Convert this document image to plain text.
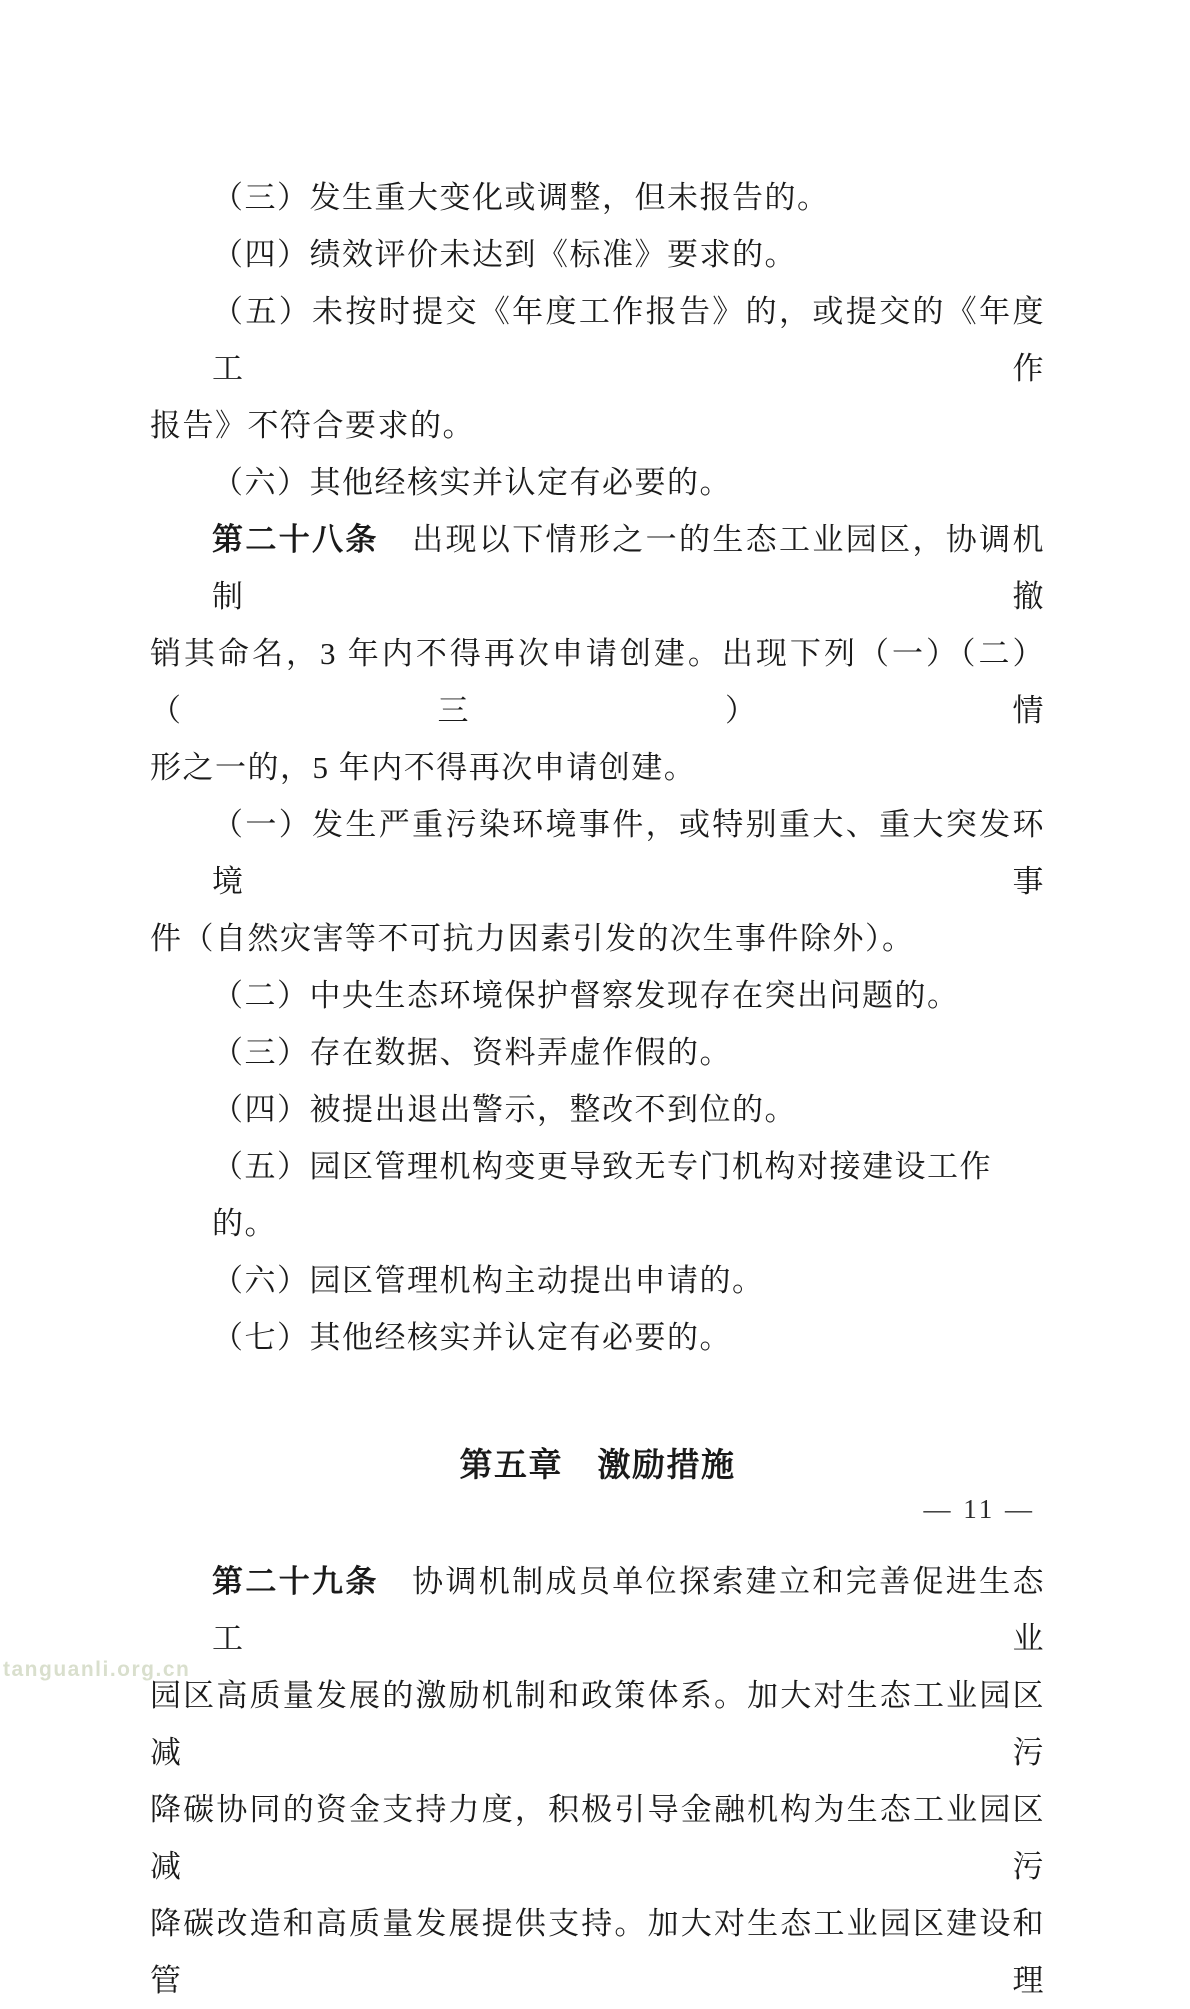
（三）发生重大变化或调整，但未报告的。
（四）绩效评价未达到《标准》要求的。
（五）未按时提交《年度工作报告》的，或提交的《年度工作
报告》不符合要求的。
（六）其他经核实并认定有必要的。
第二十八条　出现以下情形之一的生态工业园区，协调机制撤
销其命名，3 年内不得再次申请创建。出现下列（一）（二）（三）情
形之一的，5 年内不得再次申请创建。
（一）发生严重污染环境事件，或特别重大、重大突发环境事
件（自然灾害等不可抗力因素引发的次生事件除外）。
（二）中央生态环境保护督察发现存在突出问题的。
（三）存在数据、资料弄虚作假的。
（四）被提出退出警示，整改不到位的。
（五）园区管理机构变更导致无专门机构对接建设工作的。
（六）园区管理机构主动提出申请的。
（七）其他经核实并认定有必要的。
第五章　激励措施
第二十九条　协调机制成员单位探索建立和完善促进生态工业
园区高质量发展的激励机制和政策体系。加大对生态工业园区减污
降碳协同的资金支持力度，积极引导金融机构为生态工业园区减污
降碳改造和高质量发展提供支持。加大对生态工业园区建设和管理
— 11 —
tanguanli.org.cn
